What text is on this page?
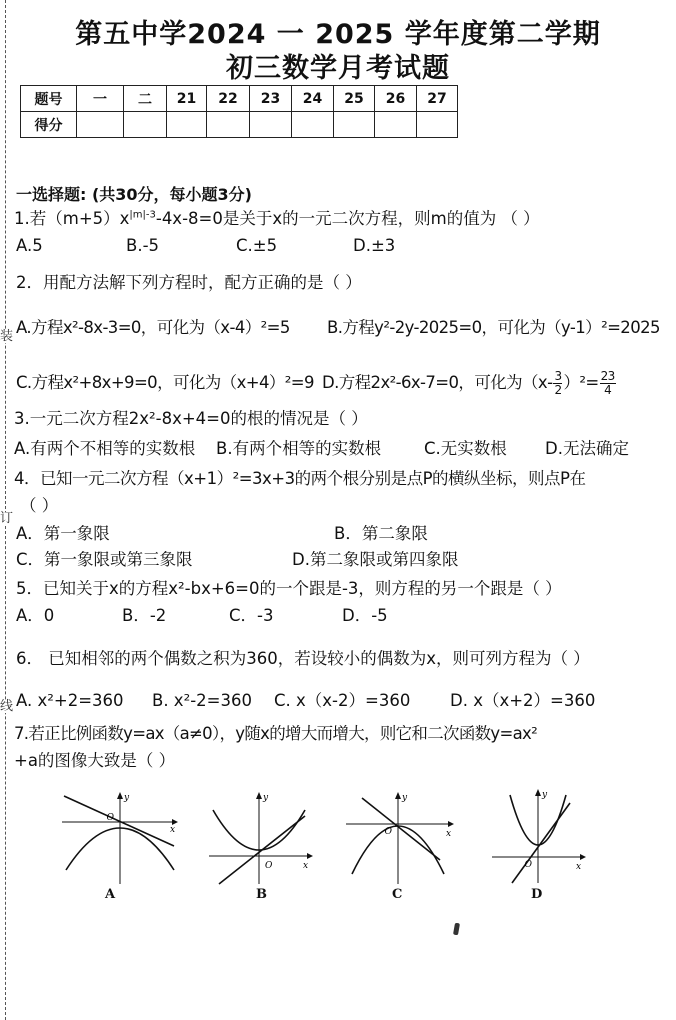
装
订
线
第五中学2024 一 2025 学年度第二学期
初三数学月考试题
题号	一	二	21	22	23	24	25	26	27
得分									
一选择题: (共30分，每小题3分)
1.若$(m+5)x^{|m|-3}-4x-8=0$是关于x的一元二次方程，则m的值为 （ ）
A.5	B.-5	C.±5	D.±3
2．用配方法解下列方程时，配方正确的是（ ）
A.方程x²-8x-3=0，可化为（x-4）²=5 B.方程y²-2y-2025=0，可化为（y-1）²=2025
C.方程x²+8x+9=0，可化为（x+4）²=9 D.方程2x²-6x-7=0，可化为$(x- \frac{3}{2} )^2= \frac{23}{4}$
3.一元二次方程2x²-8x+4=0的根的情况是（ ）
A.有两个不相等的实数根 B.有两个相等的实数根	C.无实数根 D.无法确定
4．已知一元二次方程（x+1）²=3x+3的两个根分别是点P的横纵坐标，则点P在
（ ）
A．第一象限	B．第二象限
C．第一象限或第三象限	D.第二象限或第四象限
5．已知关于x的方程x²-bx+6=0的一个跟是-3，则方程的另一个跟是（ ）
A．0	B．-2	C．-3	D．-5
6． 已知相邻的两个偶数之积为360，若设较小的偶数为x，则可列方程为（ ）
A. x²+2=360 B. x²-2=360 C. x（x-2）=360 D. x（x+2）=360
7.若正比例函数y=ax（a≠0），y随x的增大而增大，则它和二次函数y=ax²
+a的图像大致是（ ）
O
x
y
A
O	x
y
B
O	x
y
C
O	x
y
D
